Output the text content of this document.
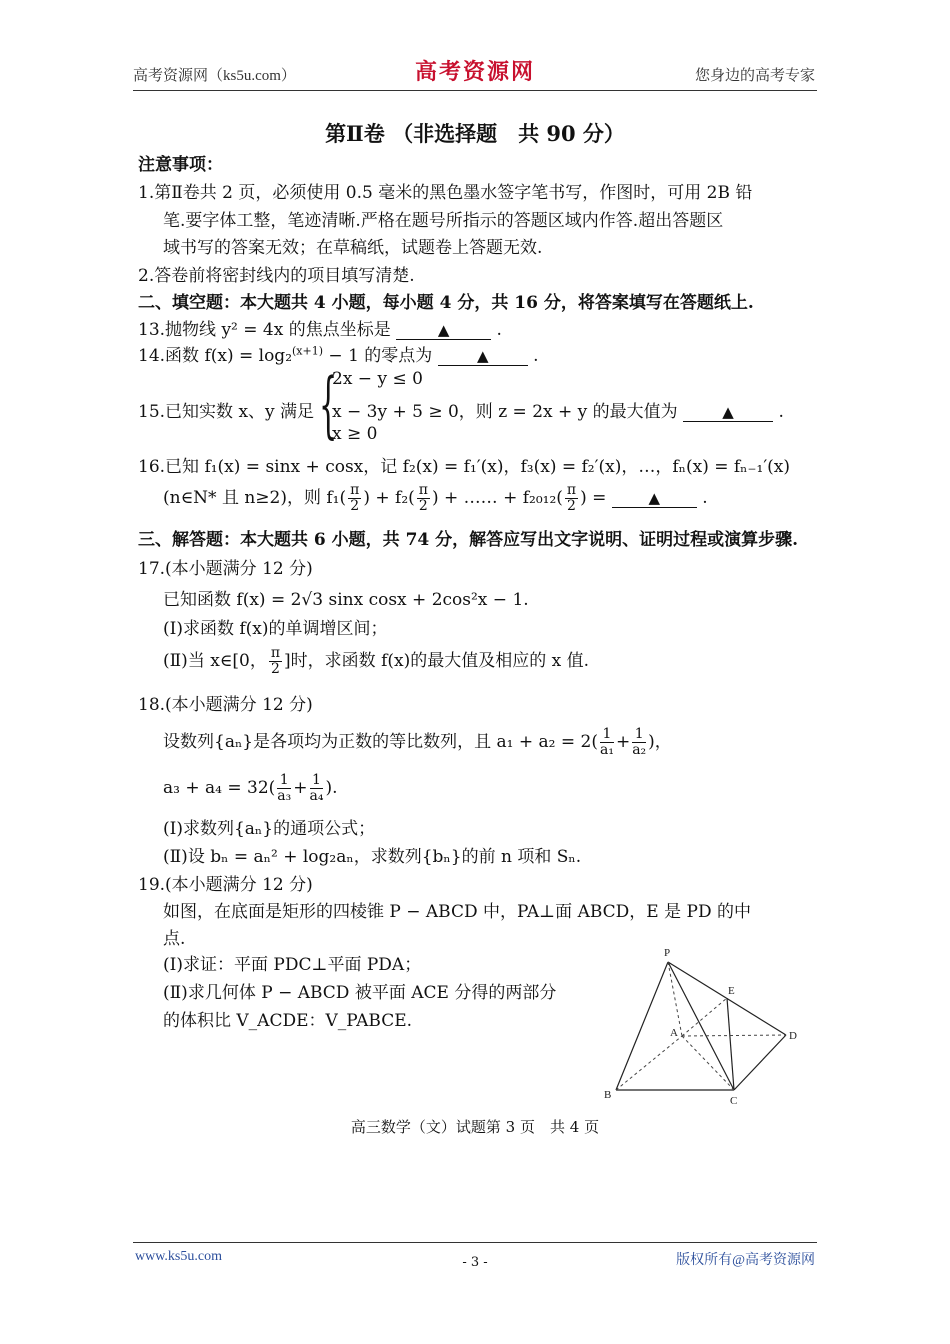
高考资源网（ks5u.com）	高考资源网	您身边的高考专家
第Ⅱ卷 （非选择题　共 90 分）
注意事项：
1.第Ⅱ卷共 2 页，必须使用 0.5 毫米的黑色墨水签字笔书写，作图时，可用 2B 铅
笔.要字体工整，笔迹清晰.严格在题号所指示的答题区域内作答.超出答题区
域书写的答案无效；在草稿纸，试题卷上答题无效.
2.答卷前将密封线内的项目填写清楚.
二、填空题：本大题共 4 小题，每小题 4 分，共 16 分，将答案填写在答题纸上.
13.抛物线 y² = 4x 的焦点坐标是	▲	.
14.函数 f(x) = log₂$^{(x+1)}$ − 1 的零点为	▲	.
15.已知实数 x、y 满足 {
2x − y ≤ 0
x − 3y + 5 ≥ 0，则 z = 2x + y 的最大值为	▲	.
x ≥ 0
16.已知 f₁(x) = sinx + cosx，记 f₂(x) = f₁′(x)，f₃(x) = f₂′(x)，…，fₙ(x) = fₙ₋₁′(x)
(n∈N* 且 n≥2)，则 $f_1( \frac{\pi}{2}$ ) + $f_2( \frac{\pi}{2}$ ) + …… + $f_{2012}( \frac{\pi}{2}$ ) =	▲ .
三、解答题：本大题共 6 小题，共 74 分，解答应写出文字说明、证明过程或演算步骤.
17.(本小题满分 12 分)
已知函数 f(x) = 2√3 sinx cosx + 2cos²x − 1.
(Ⅰ)求函数 f(x)的单调增区间；
(Ⅱ)当 x∈[0， $\frac{\pi}{2}$ ]时，求函数 f(x)的最大值及相应的 x 值.
18.(本小题满分 12 分)
设数列{aₙ}是各项均为正数的等比数列，且 $a_1 + a_2 = 2( \frac{1}{\text{a₁}} + \frac{1}{\text{a₂}}$ )，
$a_3 + a_4 = 32( \frac{1}{\text{a₃}} + \frac{1}{\text{a₄}}$ ).
(Ⅰ)求数列{aₙ}的通项公式；
(Ⅱ)设 bₙ = aₙ² + log₂aₙ，求数列{bₙ}的前 n 项和 Sₙ.
19.(本小题满分 12 分)
如图，在底面是矩形的四棱锥 P − ABCD 中，PA⊥面 ABCD，E 是 PD 的中
点.
(Ⅰ)求证：平面 PDC⊥平面 PDA；
(Ⅱ)求几何体 P − ABCD 被平面 ACE 分得的两部分
的体积比 V_ACDE：V_PABCE.
P
E
A	D
B	C
高三数学（文）试题第 3 页　共 4 页
www.ks5u.com	- 3 -	版权所有@高考资源网
